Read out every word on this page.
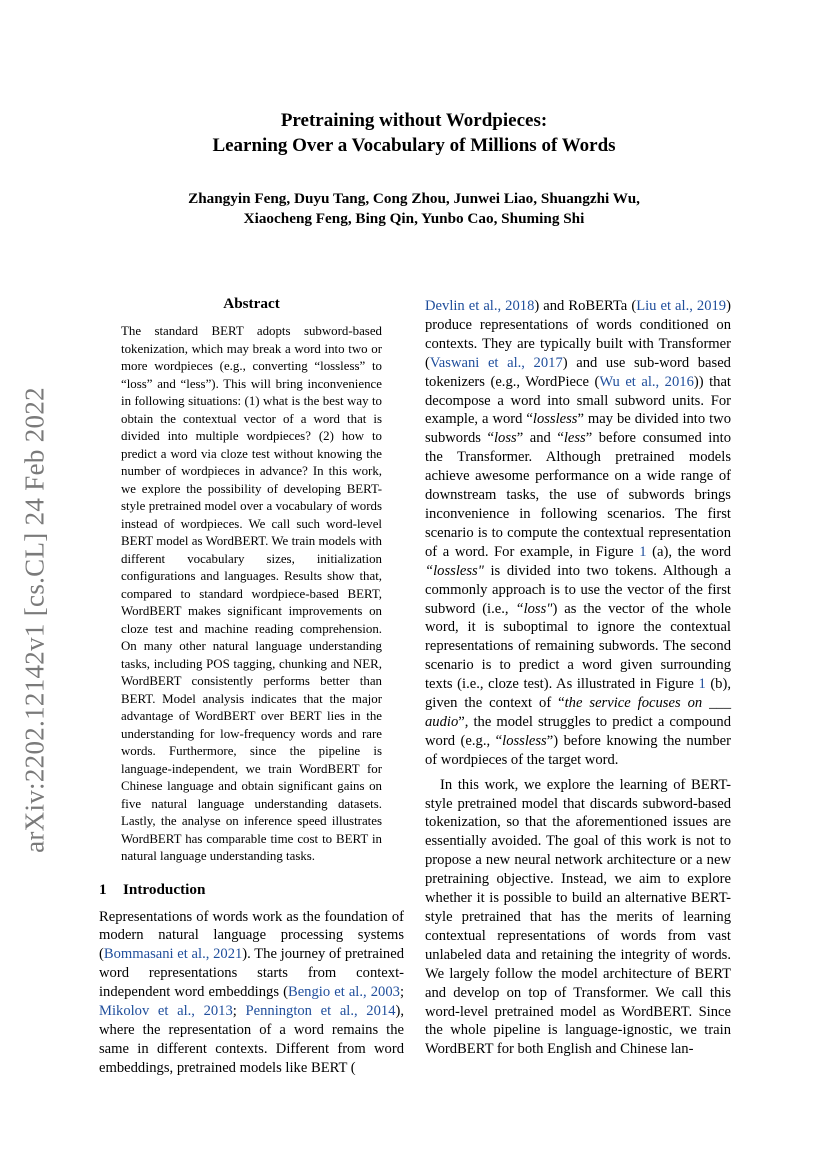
Pretraining without Wordpieces:
Learning Over a Vocabulary of Millions of Words
Zhangyin Feng, Duyu Tang, Cong Zhou, Junwei Liao, Shuangzhi Wu,
Xiaocheng Feng, Bing Qin, Yunbo Cao, Shuming Shi
arXiv:2202.12142v1 [cs.CL] 24 Feb 2022
Abstract

The standard BERT adopts subword-based tokenization, which may break a word into two or more wordpieces (e.g., converting “lossless” to “loss” and “less”). This will bring inconvenience in following situations: (1) what is the best way to obtain the contextual vector of a word that is divided into multiple wordpieces? (2) how to predict a word via cloze test without knowing the number of wordpieces in advance? In this work, we explore the possibility of developing BERT-style pretrained model over a vocabulary of words instead of wordpieces. We call such word-level BERT model as WordBERT. We train models with different vocabulary sizes, initialization configurations and languages. Results show that, compared to standard wordpiece-based BERT, WordBERT makes significant improvements on cloze test and machine reading comprehension. On many other natural language understanding tasks, including POS tagging, chunking and NER, WordBERT consistently performs better than BERT. Model analysis indicates that the major advantage of WordBERT over BERT lies in the understanding for low-frequency words and rare words. Furthermore, since the pipeline is language-independent, we train WordBERT for Chinese language and obtain significant gains on five natural language understanding datasets. Lastly, the analyse on inference speed illustrates WordBERT has comparable time cost to BERT in natural language understanding tasks.

1 Introduction

Representations of words work as the foundation of modern natural language processing systems (Bommasani et al., 2021). The journey of pretrained word representations starts from context-independent word embeddings (Bengio et al., 2003; Mikolov et al., 2013; Pennington et al., 2014), where the representation of a word remains the same in different contexts. Different from word embeddings, pretrained models like BERT (

Devlin et al., 2018) and RoBERTa (Liu et al., 2019) produce representations of words conditioned on contexts. They are typically built with Transformer (Vaswani et al., 2017) and use sub-word based tokenizers (e.g., WordPiece (Wu et al., 2016)) that decompose a word into small subword units. For example, a word “lossless” may be divided into two subwords “loss” and “less” before consumed into the Transformer. Although pretrained models achieve awesome performance on a wide range of downstream tasks, the use of subwords brings inconvenience in following scenarios. The first scenario is to compute the contextual representation of a word. For example, in Figure 1 (a), the word “lossless" is divided into two tokens. Although a commonly approach is to use the vector of the first subword (i.e., “loss") as the vector of the whole word, it is suboptimal to ignore the contextual representations of remaining subwords. The second scenario is to predict a word given surrounding texts (i.e., cloze test). As illustrated in Figure 1 (b), given the context of “the service focuses on ___ audio”, the model struggles to predict a compound word (e.g., “lossless”) before knowing the number of wordpieces of the target word.

In this work, we explore the learning of BERT-style pretrained model that discards subword-based tokenization, so that the aforementioned issues are essentially avoided. The goal of this work is not to propose a new neural network architecture or a new pretraining objective. Instead, we aim to explore whether it is possible to build an alternative BERT-style pretrained that has the merits of learning contextual representations of words from vast unlabeled data and retaining the integrity of words. We largely follow the model architecture of BERT and develop on top of Transformer. We call this word-level pretrained model as WordBERT. Since the whole pipeline is language-ignostic, we train WordBERT for both English and Chinese lan-
